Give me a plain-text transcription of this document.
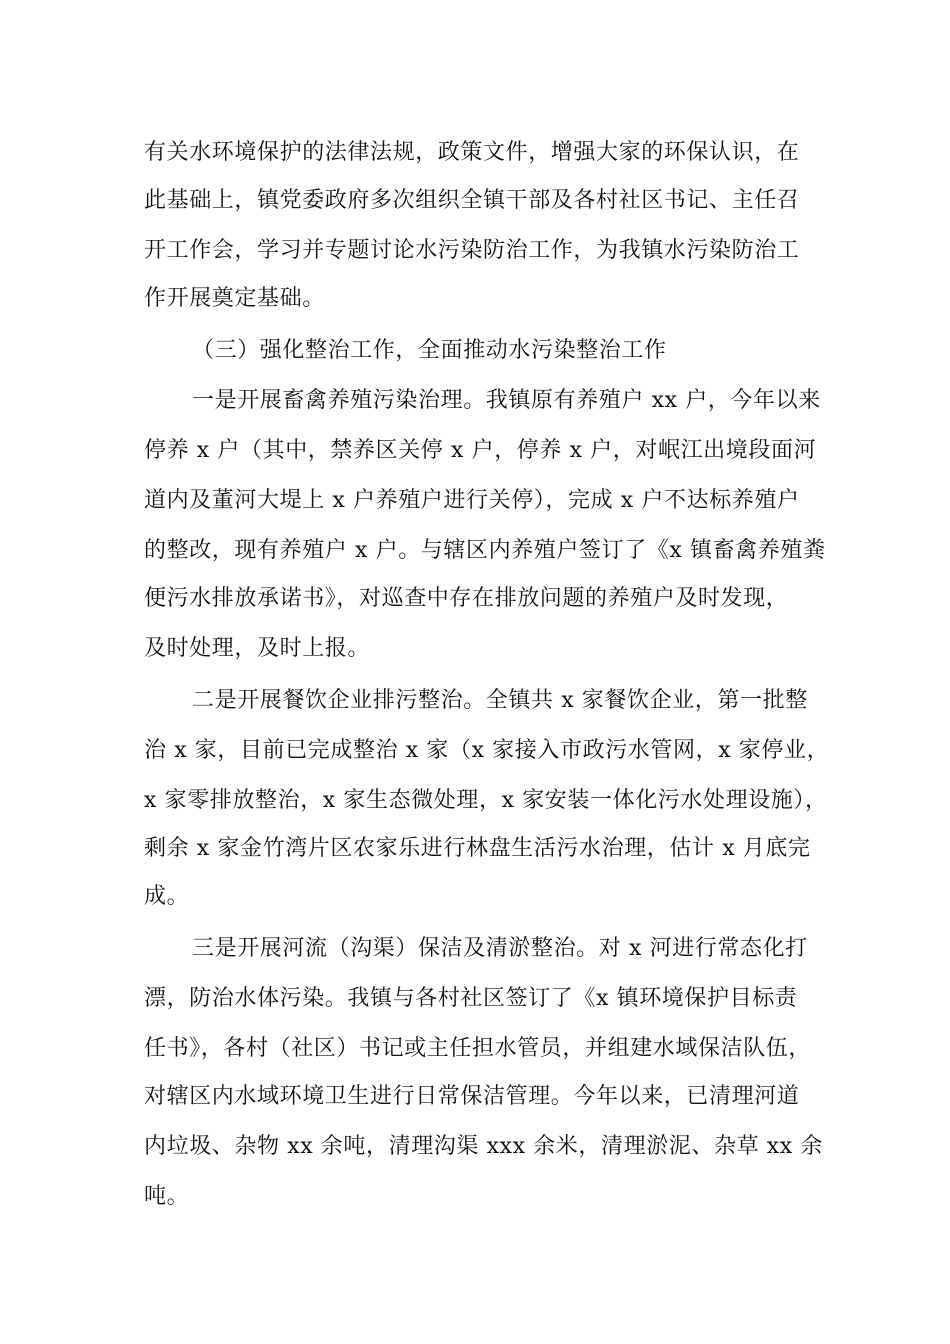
有关水环境保护的法律法规，政策文件，增强大家的环保认识，在
此基础上，镇党委政府多次组织全镇干部及各村社区书记、主任召
开工作会，学习并专题讨论水污染防治工作，为我镇水污染防治工
作开展奠定基础。
（三）强化整治工作，全面推动水污染整治工作
一是开展畜禽养殖污染治理。我镇原有养殖户 xx 户，今年以来
停养 x 户（其中，禁养区关停 x 户，停养 x 户，对岷江出境段面河
道内及董河大堤上 x 户养殖户进行关停），完成 x 户不达标养殖户
的整改，现有养殖户 x 户。与辖区内养殖户签订了《x 镇畜禽养殖粪
便污水排放承诺书》，对巡查中存在排放问题的养殖户及时发现，
及时处理，及时上报。
二是开展餐饮企业排污整治。全镇共 x 家餐饮企业，第一批整
治 x 家，目前已完成整治 x 家（x 家接入市政污水管网，x 家停业，
x 家零排放整治，x 家生态微处理，x 家安装一体化污水处理设施），
剩余 x 家金竹湾片区农家乐进行林盘生活污水治理，估计 x 月底完
成。
三是开展河流（沟渠）保洁及清淤整治。对 x 河进行常态化打
漂，防治水体污染。我镇与各村社区签订了《x 镇环境保护目标责
任书》，各村（社区）书记或主任担水管员，并组建水域保洁队伍，
对辖区内水域环境卫生进行日常保洁管理。今年以来，已清理河道
内垃圾、杂物 xx 余吨，清理沟渠 xxx 余米，清理淤泥、杂草 xx 余
吨。
